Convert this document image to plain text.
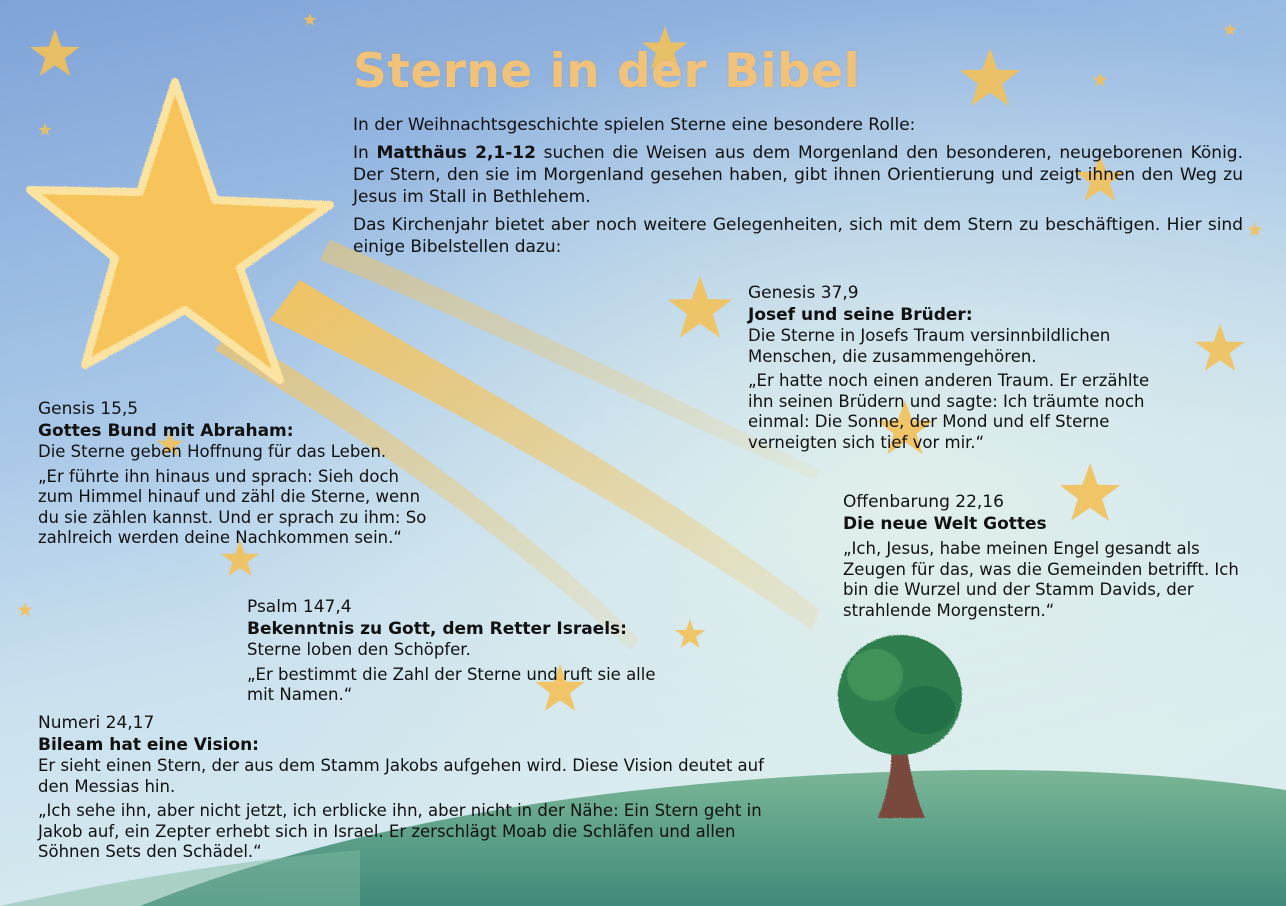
Sterne in der Bibel

In der Weihnachtsgeschichte spielen Sterne eine besondere Rolle:

In Matthäus 2,1-12 suchen die Weisen aus dem Morgenland den besonderen, neugeborenen König. Der Stern, den sie im Morgenland gesehen haben, gibt ihnen Orientierung und zeigt ihnen den Weg zu Jesus im Stall in Bethlehem.

Das Kirchenjahr bietet aber noch weitere Gelegenheiten, sich mit dem Stern zu beschäftigen. Hier sind einige Bibelstellen dazu:

Genesis 37,9
Josef und seine Brüder:

Die Sterne in Josefs Traum versinnbildlichen Menschen, die zusammengehören.

„Er hatte noch einen anderen Traum. Er erzählte ihn seinen Brüdern und sagte: Ich träumte noch einmal: Die Sonne, der Mond und elf Sterne verneigten sich tief vor mir.“

Gensis 15,5
Gottes Bund mit Abraham:

Die Sterne geben Hoffnung für das Leben.

„Er führte ihn hinaus und sprach: Sieh doch zum Himmel hinauf und zähl die Sterne, wenn du sie zählen kannst. Und er sprach zu ihm: So zahlreich werden deine Nachkommen sein.“

Offenbarung 22,16
Die neue Welt Gottes

„Ich, Jesus, habe meinen Engel gesandt als Zeugen für das, was die Gemeinden betrifft. Ich bin die Wurzel und der Stamm Davids, der strahlende Morgenstern.“

Psalm 147,4
Bekenntnis zu Gott, dem Retter Israels:

Sterne loben den Schöpfer.

„Er bestimmt die Zahl der Sterne und ruft sie alle mit Namen.“

Numeri 24,17
Bileam hat eine Vision:

Er sieht einen Stern, der aus dem Stamm Jakobs aufgehen wird. Diese Vision deutet auf den Messias hin.

„Ich sehe ihn, aber nicht jetzt, ich erblicke ihn, aber nicht in der Nähe: Ein Stern geht in Jakob auf, ein Zepter erhebt sich in Israel. Er zerschlägt Moab die Schläfen und allen Söhnen Sets den Schädel.“
